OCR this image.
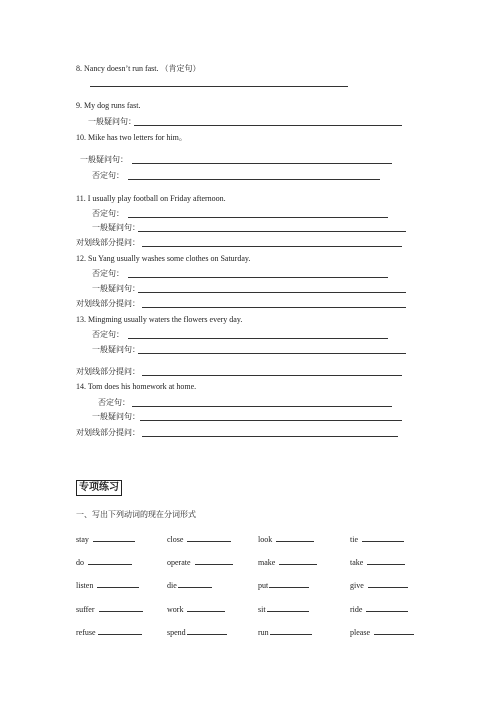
8. Nancy doesn’t run fast. （肯定句）
9. My dog runs fast.
一般疑问句：
10. Mike has two letters for him。
一般疑问句：
否定句：
11. I usually play football on Friday afternoon.
否定句：
一般疑问句：
对划线部分提问：
12. Su Yang usually washes some clothes on Saturday.
否定句：
一般疑问句：
对划线部分提问：
13. Mingming usually waters the flowers every day.
否定句：
一般疑问句：
对划线部分提问：
14. Tom does his homework at home.
否定句：
一般疑问句：
对划线部分提问：
专项练习
一、写出下列动词的现在分词形式
stay	close	look	tie
do	operate	make	take
listen	die	put	give
suffer	work	sit	ride
refuse	spend	run	please
